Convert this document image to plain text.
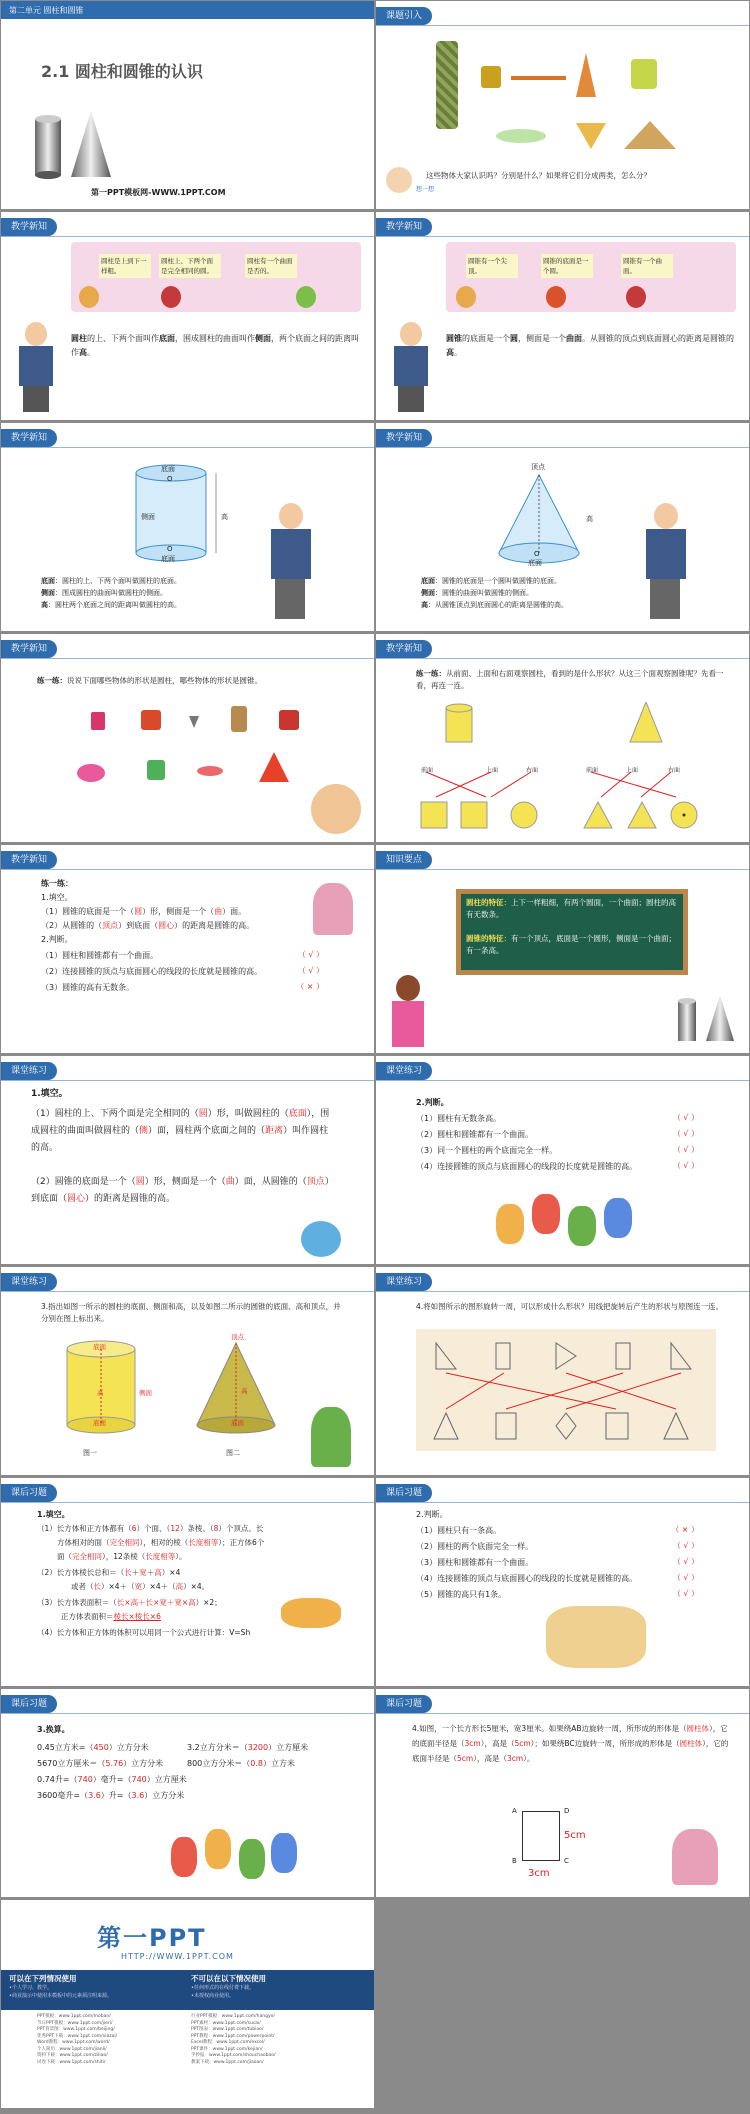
第二单元 圆柱和圆锥
2.1 圆柱和圆锥的认识
第一PPT模板网-WWW.1PPT.COM
课题引入
想一想
这些物体大家认识吗？分别是什么？如果将它们分成两类，怎么分？
教学新知
圆柱是上到下一样粗。
圆柱上、下两个面是完全相同的圆。
圆柱有一个曲面是否的。
圆柱的上、下两个面叫作底面，围成圆柱的曲面叫作侧面，两个底面之间的距离叫作高。
教学新知
圆锥有一个尖顶。
圆锥的底面是一个圆。
圆锥有一个曲面。
圆锥的底面是一个圆，侧面是一个曲面。从圆锥的顶点到底面圆心的距离是圆锥的高。
教学新知
底面
O
侧面	高
O
底面
底面：圆柱的上、下两个面叫做圆柱的底面。
侧面：围成圆柱的曲面叫做圆柱的侧面。
高：圆柱两个底面之间的距离叫做圆柱的高。
教学新知
顶点
高
O
底面
底面：圆锥的底面是一个圆叫做圆锥的底面。
侧面：圆锥的曲面叫做圆锥的侧面。
高：从圆锥顶点到底面圆心的距离是圆锥的高。
教学新知
练一练：说说下面哪些物体的形状是圆柱，哪些物体的形状是圆锥。
教学新知
练一练：从前面、上面和右面观察圆柱，看到的是什么形状？从这三个面观察圆锥呢？先看一看，再连一连。
前面	上面	右面	前面	上面	右面
教学新知
练一练：
1.填空。
（1）圆锥的底面是一个（圆）形，侧面是一个（曲）面。
（2）从圆锥的（顶点）到底面（圆心）的距离是圆锥的高。
2.判断。
（1）圆柱和圆锥都有一个曲面。	（ √ ）
（2）连接圆锥的顶点与底面圆心的线段的长度就是圆锥的高。	（ √ ）
（3）圆锥的高有无数条。	（ × ）
知识要点
圆柱的特征：上下一样粗细，有两个圆面，一个曲面；圆柱的高有无数条。
圆锥的特征：有一个顶点，底面是一个圆形，侧面是一个曲面；有一条高。
课堂练习
1.填空。
（1）圆柱的上、下两个面是完全相同的（圆）形，叫做圆柱的（底面），围成圆柱的曲面叫做圆柱的（侧）面，圆柱两个底面之间的（距离）叫作圆柱的高。
（2）圆锥的底面是一个（圆）形，侧面是一个（曲）面，从圆锥的（顶点）到底面（圆心）的距离是圆锥的高。
课堂练习
2.判断。
（1）圆柱有无数条高。	（ √ ）
（2）圆柱和圆锥都有一个曲面。	（ √ ）
（3）同一个圆柱的两个底面完全一样。	（ √ ）
（4）连接圆锥的顶点与底面圆心的线段的长度就是圆锥的高。	（ √ ）
课堂练习
3.指出如图一所示的圆柱的底面、侧面和高，以及如图二所示的圆锥的底面、高和顶点，并分别在图上标出来。
底面
侧面
高
底面
图一
顶点
高
底面
图二
课堂练习
4.将如图所示的图形旋转一周，可以形成什么形状？用线把旋转后产生的形状与原图连一连。
课后习题
1.填空。
（1）长方体和正方体都有（6）个面、（12）条棱、（8）个顶点。长
方体相对的面（完全相同），相对的棱（长度相等）；正方体6个
面（完全相同），12条棱（长度相等）。
（2）长方体棱长总和＝（长＋宽＋高）×4
或者（长）×4＋（宽）×4＋（高）×4。
（3）长方体表面积＝（长×高＋长×宽＋宽×高）×2；
正方体表面积＝棱长×棱长×6
（4）长方体和正方体的体积可以用同一个公式进行计算：V=Sh
课后习题
2.判断。
（1）圆柱只有一条高。	（ × ）
（2）圆柱的两个底面完全一样。	（ √ ）
（3）圆柱和圆锥都有一个曲面。	（ √ ）
（4）连接圆锥的顶点与底面圆心的线段的长度就是圆锥的高。	（ √ ）
（5）圆锥的高只有1条。	（ √ ）
课后习题
3.换算。
0.45立方米=（450）立方分米	3.2立方分米＝（3200）立方厘米
5670立方厘米＝（5.76）立方分米	800立方分米＝（0.8）立方米
0.74升=（740）毫升=（740）立方厘米
3600毫升=（3.6）升=（3.6）立方分米
课后习题
4.如图，一个长方形长5厘米，宽3厘米。如果绕AB边旋转一周，所形成的形体是（圆柱体），它的底面半径是（3cm），高是（5cm）；如果绕BC边旋转一周，所形成的形体是（圆柱体），它的底面半径是（5cm），高是（3cm）。
A	D
B	C
5cm
3cm
第一PPT
HTTP://WWW.1PPT.COM
可以在下列情况使用
•个人学习、教学。
•商业演示中使用本模板中的元素须注明来源。
不可以在以下情况使用
•任何形式的在线付费下载。
•未授权商业使用。
PPT模板：www.1ppt.com/moban/
节日PPT模板：www.1ppt.com/jieri/
PPT背景图：www.1ppt.com/beijing/
优秀PPT下载：www.1ppt.com/xiazai/
Word教程：www.1ppt.com/word/
个人简历：www.1ppt.com/jianli/
资料下载：www.1ppt.com/ziliao/
试卷下载：www.1ppt.com/shiti/
行业PPT模板：www.1ppt.com/hangye/
PPT素材：www.1ppt.com/sucai/
PPT图表：www.1ppt.com/tubiao/
PPT教程：www.1ppt.com/powerpoint/
Excel教程：www.1ppt.com/excel/
PPT课件：www.1ppt.com/kejian/
手抄报：www.1ppt.com/shouchaobao/
教案下载：www.1ppt.com/jiaoan/
